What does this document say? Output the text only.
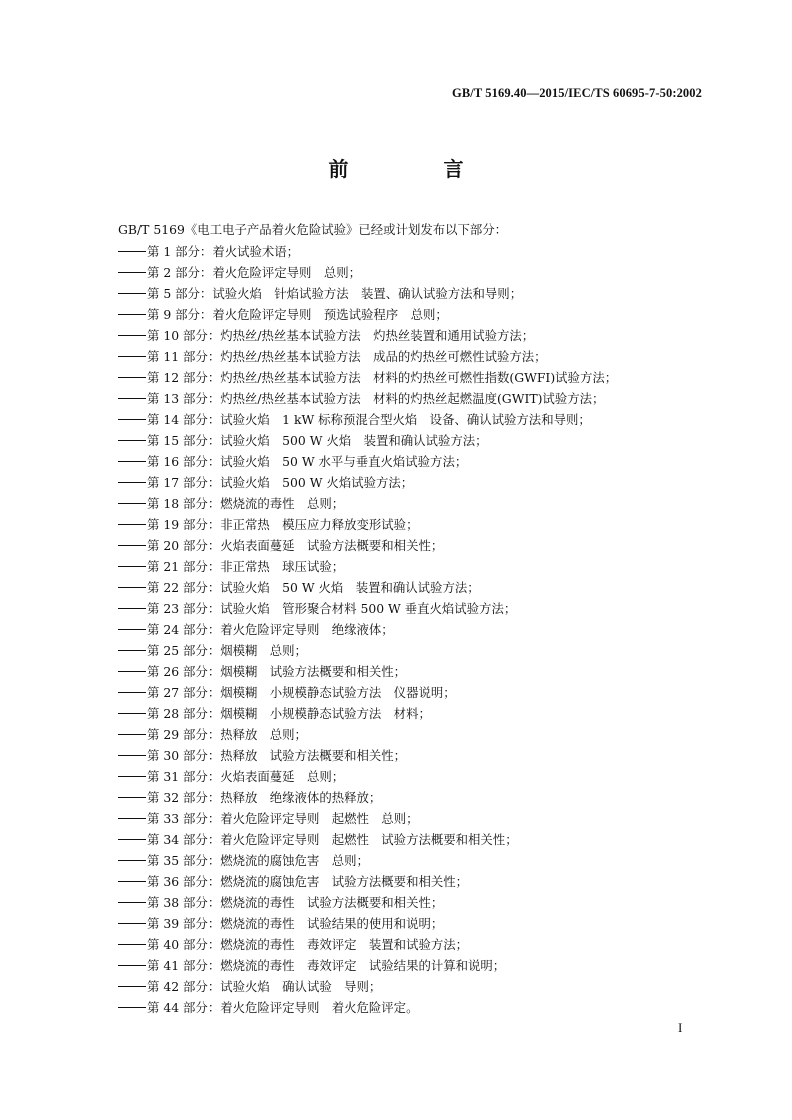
GB/T 5169.40—2015/IEC/TS 60695-7-50:2002
前 言
GB/T 5169《电工电子产品着火危险试验》已经或计划发布以下部分：
第 1 部分：着火试验术语；
第 2 部分：着火危险评定导则　总则；
第 5 部分：试验火焰　针焰试验方法　装置、确认试验方法和导则；
第 9 部分：着火危险评定导则　预选试验程序　总则；
第 10 部分：灼热丝/热丝基本试验方法　灼热丝装置和通用试验方法；
第 11 部分：灼热丝/热丝基本试验方法　成品的灼热丝可燃性试验方法；
第 12 部分：灼热丝/热丝基本试验方法　材料的灼热丝可燃性指数(GWFI)试验方法；
第 13 部分：灼热丝/热丝基本试验方法　材料的灼热丝起燃温度(GWIT)试验方法；
第 14 部分：试验火焰　1 kW 标称预混合型火焰　设备、确认试验方法和导则；
第 15 部分：试验火焰　500 W 火焰　装置和确认试验方法；
第 16 部分：试验火焰　50 W 水平与垂直火焰试验方法；
第 17 部分：试验火焰　500 W 火焰试验方法；
第 18 部分：燃烧流的毒性　总则；
第 19 部分：非正常热　模压应力释放变形试验；
第 20 部分：火焰表面蔓延　试验方法概要和相关性；
第 21 部分：非正常热　球压试验；
第 22 部分：试验火焰　50 W 火焰　装置和确认试验方法；
第 23 部分：试验火焰　管形聚合材料 500 W 垂直火焰试验方法；
第 24 部分：着火危险评定导则　绝缘液体；
第 25 部分：烟模糊　总则；
第 26 部分：烟模糊　试验方法概要和相关性；
第 27 部分：烟模糊　小规模静态试验方法　仪器说明；
第 28 部分：烟模糊　小规模静态试验方法　材料；
第 29 部分：热释放　总则；
第 30 部分：热释放　试验方法概要和相关性；
第 31 部分：火焰表面蔓延　总则；
第 32 部分：热释放　绝缘液体的热释放；
第 33 部分：着火危险评定导则　起燃性　总则；
第 34 部分：着火危险评定导则　起燃性　试验方法概要和相关性；
第 35 部分：燃烧流的腐蚀危害　总则；
第 36 部分：燃烧流的腐蚀危害　试验方法概要和相关性；
第 38 部分：燃烧流的毒性　试验方法概要和相关性；
第 39 部分：燃烧流的毒性　试验结果的使用和说明；
第 40 部分：燃烧流的毒性　毒效评定　装置和试验方法；
第 41 部分：燃烧流的毒性　毒效评定　试验结果的计算和说明；
第 42 部分：试验火焰　确认试验　导则；
第 44 部分：着火危险评定导则　着火危险评定。
I
